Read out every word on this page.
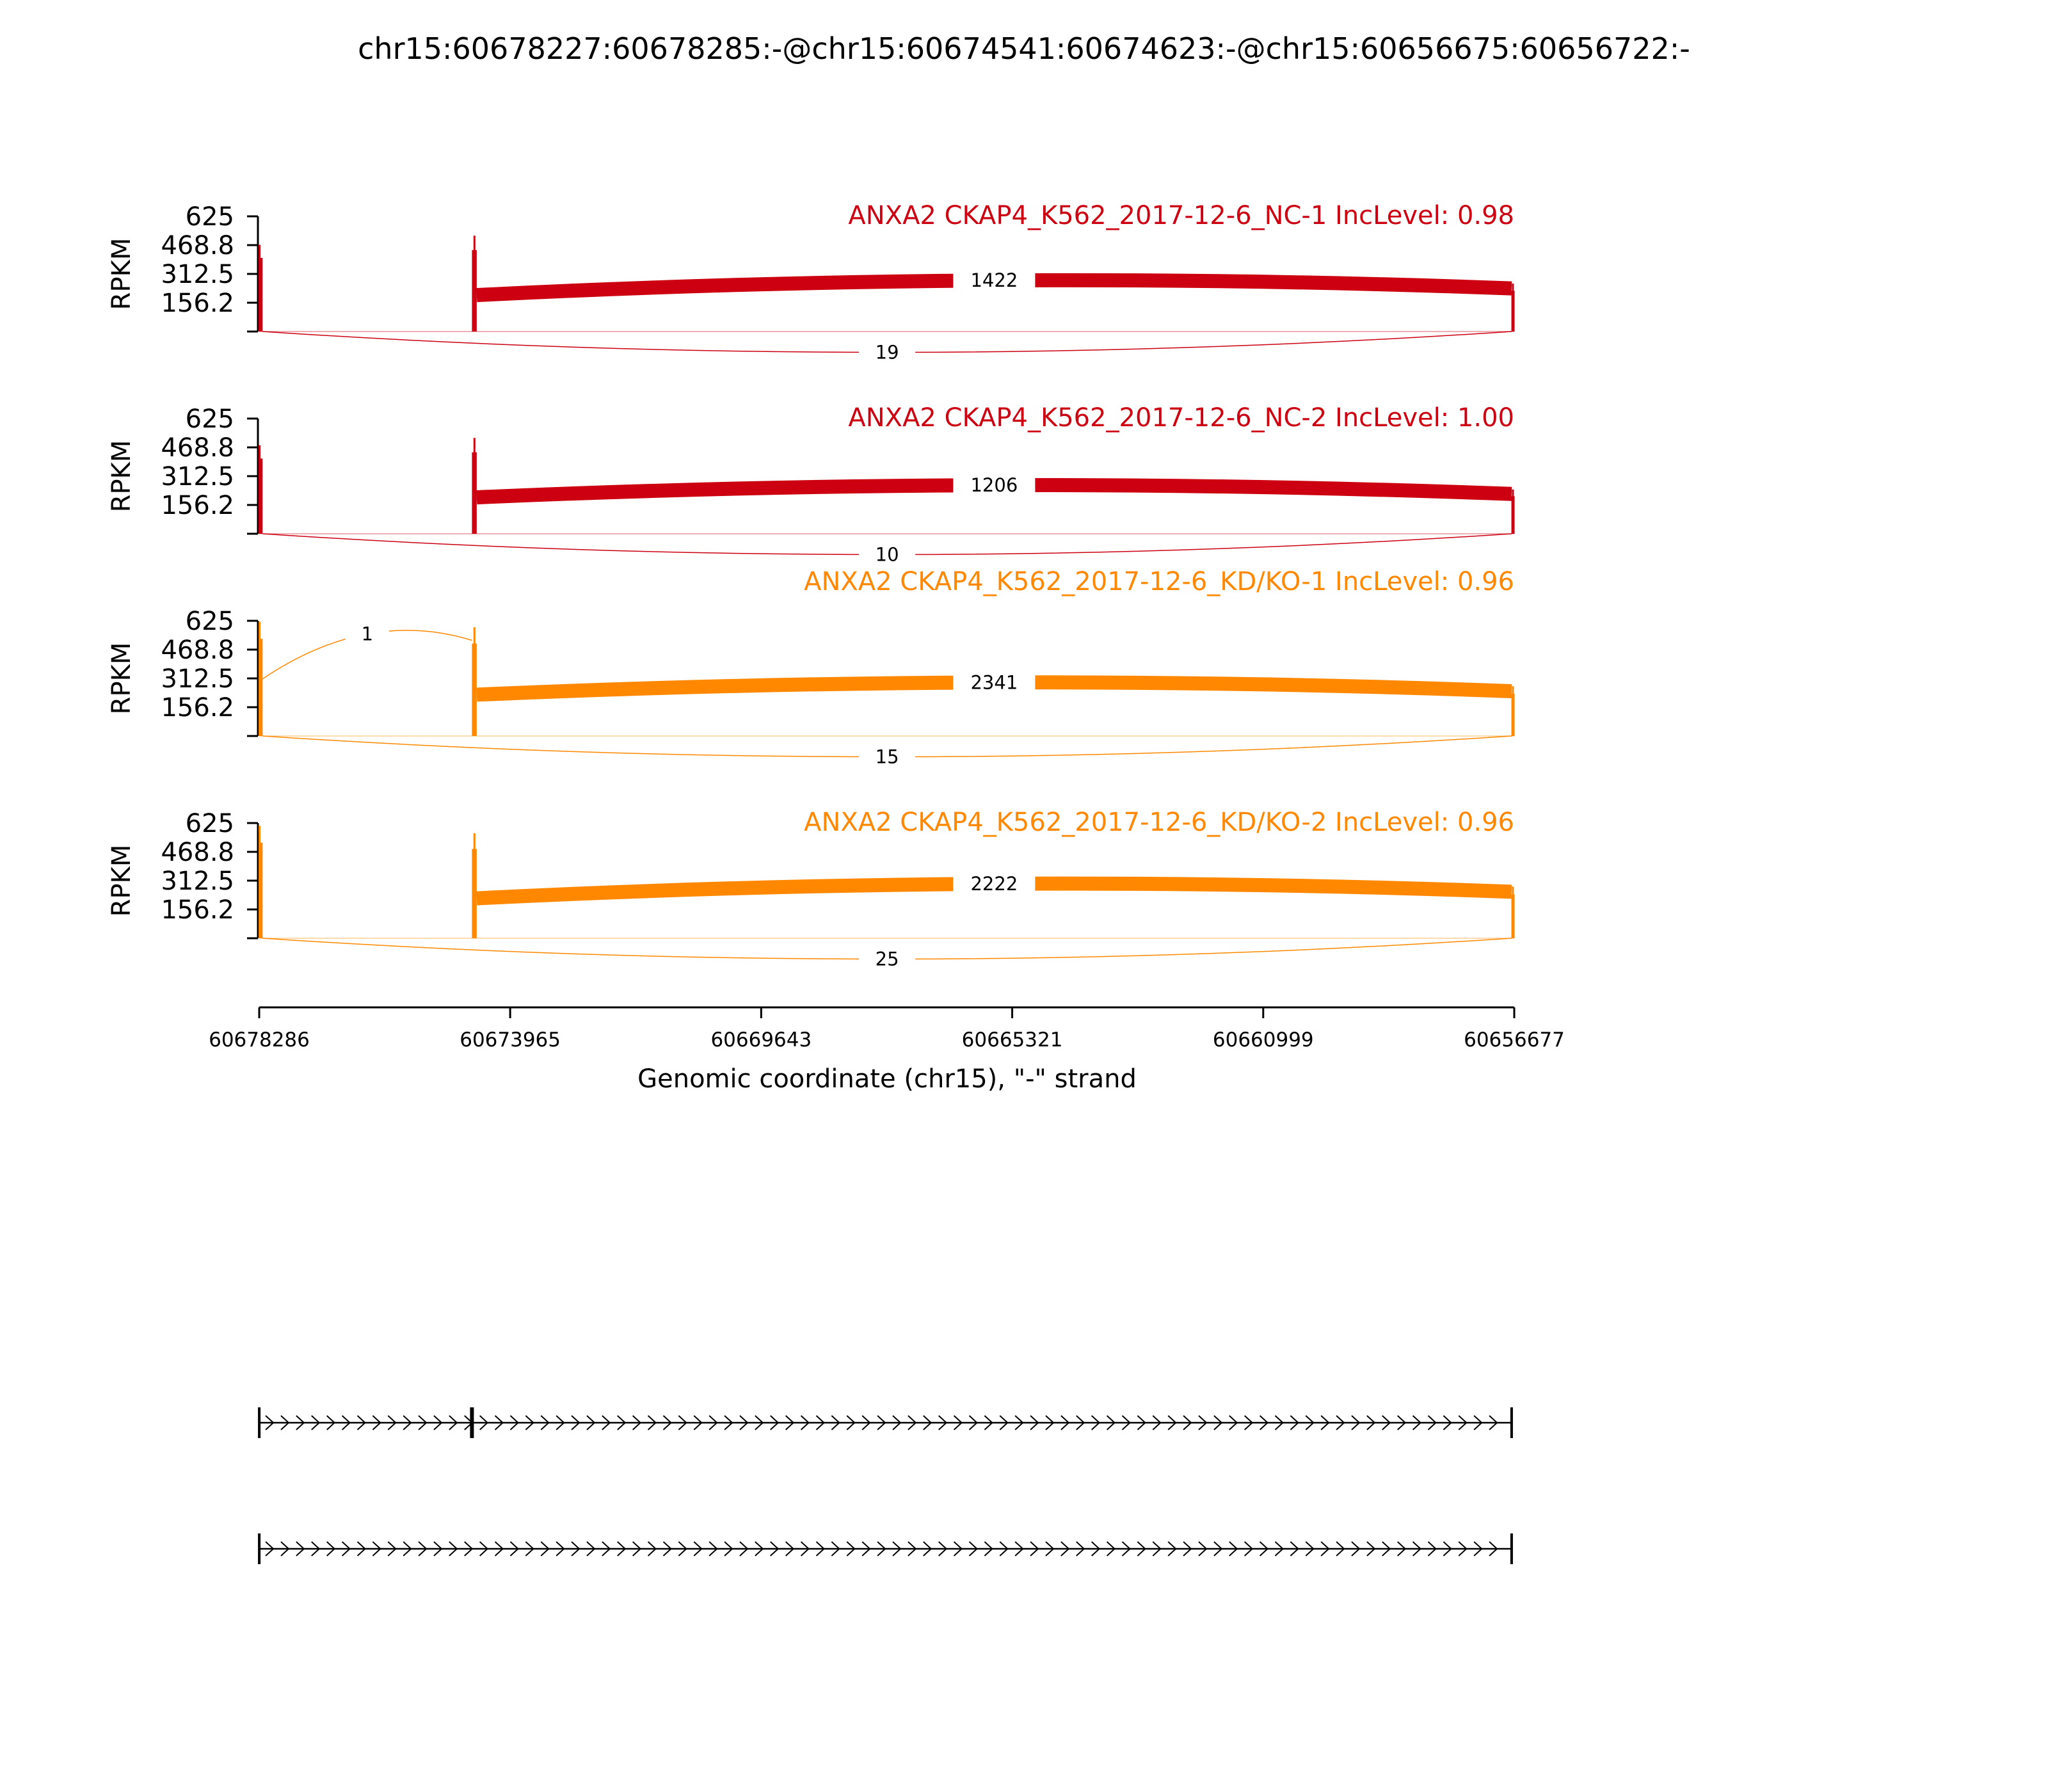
chr15:60678227:60678285:-@chr15:60674541:60674623:-@chr15:60656675:60656722:-
Genomic coordinate (chr15), "-" strand
ANXA2 CKAP4_K562_2017-12-6_NC-1 IncLevel: 0.98
625
468.8
312.5
156.2
RPKM	1422
19
ANXA2 CKAP4_K562_2017-12-6_NC-2 IncLevel: 1.00
625
468.8
312.5
156.2
RPKM	1206
10
ANXA2 CKAP4_K562_2017-12-6_KD/KO-1 IncLevel: 0.96
625
468.8
312.5
156.2
RPKM
1
2341
15
ANXA2 CKAP4_K562_2017-12-6_KD/KO-2 IncLevel: 0.96
625
468.8
312.5
156.2
RPKM	2222
25
60678286	60673965	60669643	60665321	60660999	60656677
